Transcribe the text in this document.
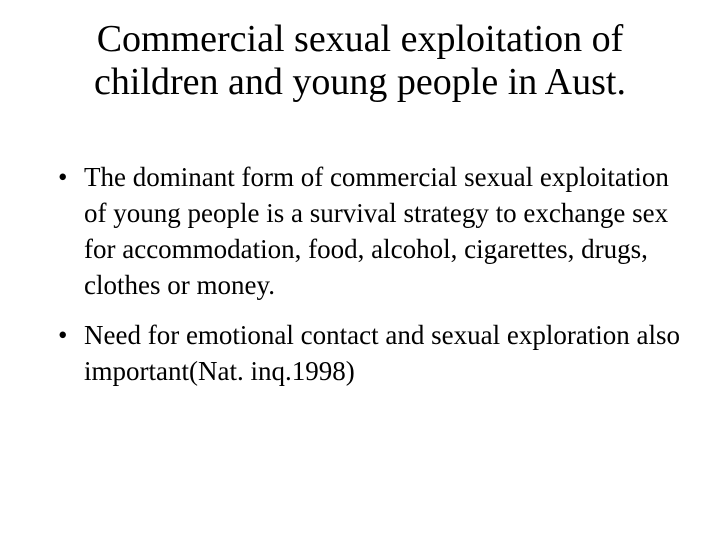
Commercial sexual exploitation of children and young people in Aust.
• The dominant form of commercial sexual exploitation of young people is a survival strategy to exchange sex for accommodation, food, alcohol, cigarettes, drugs, clothes or money.
• Need for emotional contact and sexual exploration also important(Nat. inq.1998)
